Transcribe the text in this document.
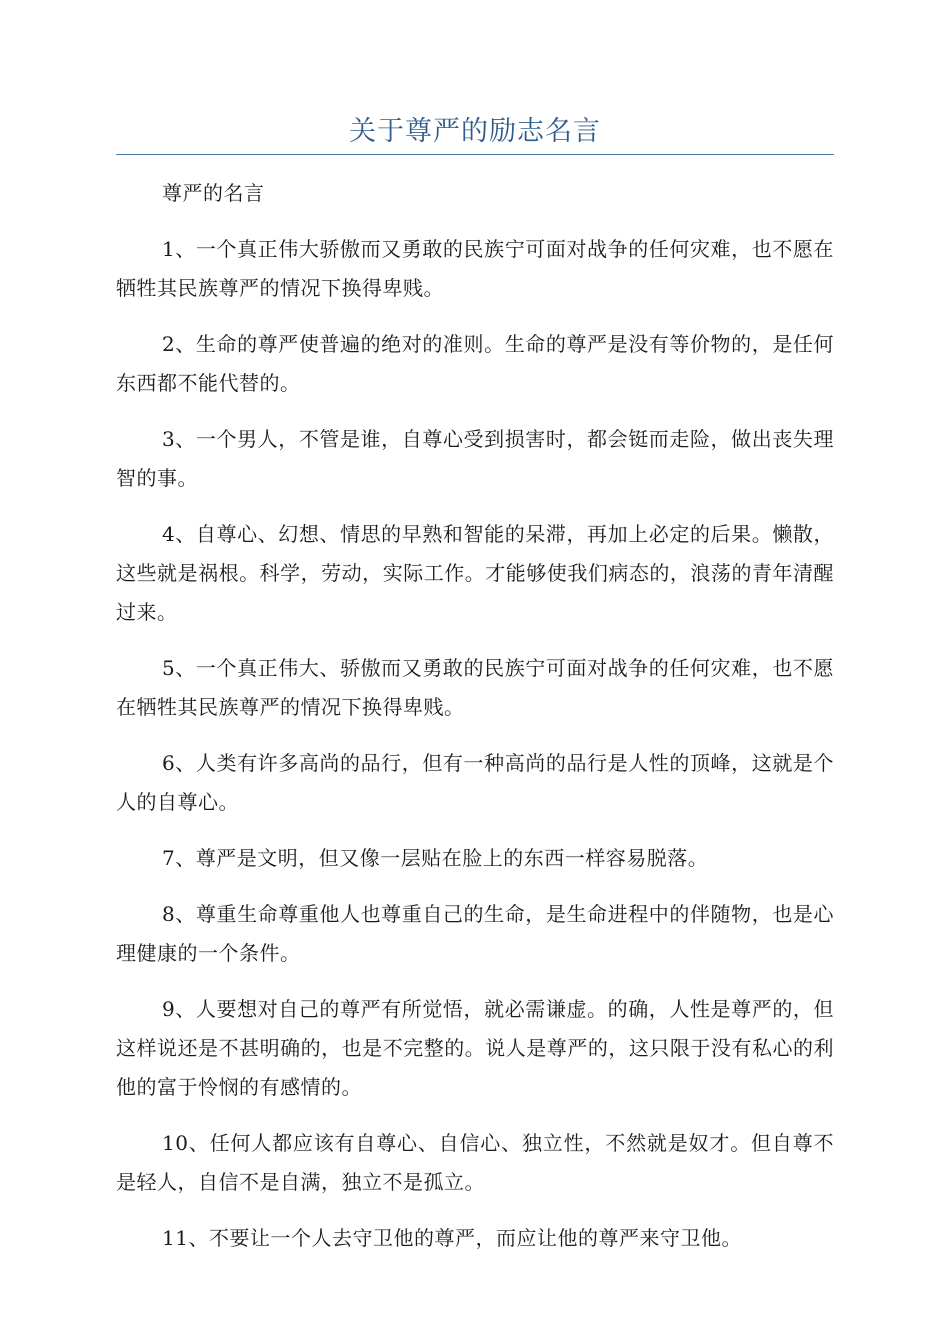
关于尊严的励志名言

尊严的名言

1、一个真正伟大骄傲而又勇敢的民族宁可面对战争的任何灾难，也不愿在牺牲其民族尊严的情况下换得卑贱。

2、生命的尊严使普遍的绝对的准则。生命的尊严是没有等价物的，是任何东西都不能代替的。

3、一个男人，不管是谁，自尊心受到损害时，都会铤而走险，做出丧失理智的事。

4、自尊心、幻想、情思的早熟和智能的呆滞，再加上必定的后果。懒散，这些就是祸根。科学，劳动，实际工作。才能够使我们病态的，浪荡的青年清醒过来。

5、一个真正伟大、骄傲而又勇敢的民族宁可面对战争的任何灾难，也不愿在牺牲其民族尊严的情况下换得卑贱。

6、人类有许多高尚的品行，但有一种高尚的品行是人性的顶峰，这就是个人的自尊心。

7、尊严是文明，但又像一层贴在脸上的东西一样容易脱落。

8、尊重生命尊重他人也尊重自己的生命，是生命进程中的伴随物，也是心理健康的一个条件。

9、人要想对自己的尊严有所觉悟，就必需谦虚。的确，人性是尊严的，但这样说还是不甚明确的，也是不完整的。说人是尊严的，这只限于没有私心的利他的富于怜悯的有感情的。

10、任何人都应该有自尊心、自信心、独立性，不然就是奴才。但自尊不是轻人，自信不是自满，独立不是孤立。

11、不要让一个人去守卫他的尊严，而应让他的尊严来守卫他。
